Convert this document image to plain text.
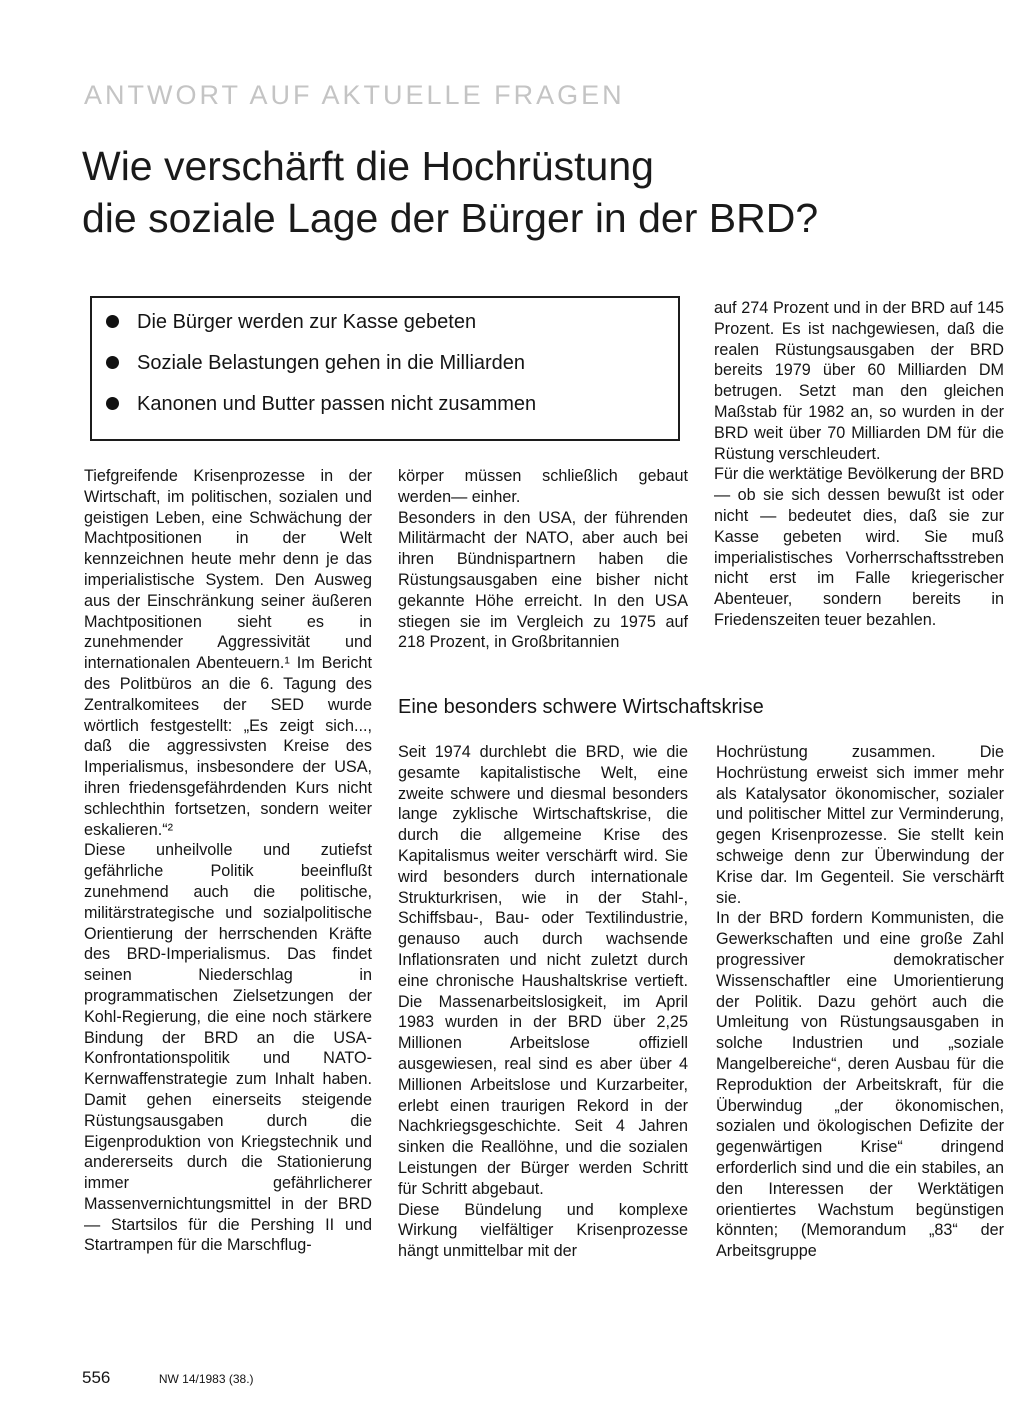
ANTWORT AUF AKTUELLE FRAGEN
Wie verschärft die Hochrüstung
die soziale Lage der Bürger in der BRD?
Die Bürger werden zur Kasse gebeten
Soziale Belastungen gehen in die Milliarden
Kanonen und Butter passen nicht zusammen

auf 274 Prozent und in der BRD auf 145 Prozent. Es ist nachgewiesen, daß die realen Rüstungsausgaben der BRD bereits 1979 über 60 Milliarden DM betrugen. Setzt man den gleichen Maßstab für 1982 an, so wurden in der BRD weit über 70 Milliarden DM für die Rüstung verschleudert.

Für die werktätige Bevölkerung der BRD — ob sie sich dessen bewußt ist oder nicht — bedeutet dies, daß sie zur Kasse gebeten wird. Sie muß imperialistisches Vorherrschaftsstreben nicht erst im Falle kriegerischer Abenteuer, sondern bereits in Friedenszeiten teuer bezahlen.

Tiefgreifende Krisenprozesse in der Wirtschaft, im politischen, sozialen und geistigen Leben, eine Schwächung der Machtpositionen in der Welt kennzeichnen heute mehr denn je das imperialistische System. Den Ausweg aus der Einschränkung seiner äußeren Machtpositionen sieht es in zunehmender Aggressivität und internationalen Abenteuern.¹ Im Bericht des Politbüros an die 6. Tagung des Zentralkomitees der SED wurde wörtlich festgestellt: „Es zeigt sich..., daß die aggressivsten Kreise des Imperialismus, insbesondere der USA, ihren friedensgefährdenden Kurs nicht schlechthin fortsetzen, sondern weiter eskalieren.“²

Diese unheilvolle und zutiefst gefährliche Politik beeinflußt zunehmend auch die politische, militärstrategische und sozialpolitische Orientierung der herrschenden Kräfte des BRD-Imperialismus. Das findet seinen Niederschlag in programmatischen Zielsetzungen der Kohl-Regierung, die eine noch stärkere Bindung der BRD an die USA-Konfrontationspolitik und NATO-Kernwaffenstrategie zum Inhalt haben. Damit gehen einerseits steigende Rüstungsausgaben durch die Eigenproduktion von Kriegstechnik und andererseits durch die Stationierung immer gefährlicherer Massenvernichtungsmittel in der BRD — Startsilos für die Pershing II und Startrampen für die Marschflug-

körper müssen schließlich gebaut werden— einher.

Besonders in den USA, der führenden Militärmacht der NATO, aber auch bei ihren Bündnispartnern haben die Rüstungsausgaben eine bisher nicht gekannte Höhe erreicht. In den USA stiegen sie im Vergleich zu 1975 auf 218 Prozent, in Großbritannien

Eine besonders schwere Wirtschaftskrise

Seit 1974 durchlebt die BRD, wie die gesamte kapitalistische Welt, eine zweite schwere und diesmal besonders lange zyklische Wirtschaftskrise, die durch die allgemeine Krise des Kapitalismus weiter verschärft wird. Sie wird besonders durch internationale Strukturkrisen, wie in der Stahl-, Schiffsbau-, Bau- oder Textilindustrie, genauso auch durch wachsende Inflationsraten und nicht zuletzt durch eine chronische Haushaltskrise vertieft. Die Massenarbeitslosigkeit, im April 1983 wurden in der BRD über 2,25 Millionen Arbeitslose offiziell ausgewiesen, real sind es aber über 4 Millionen Arbeitslose und Kurzarbeiter, erlebt einen traurigen Rekord in der Nachkriegsgeschichte. Seit 4 Jahren sinken die Reallöhne, und die sozialen Leistungen der Bürger werden Schritt für Schritt abgebaut.

Diese Bündelung und komplexe Wirkung vielfältiger Krisenprozesse hängt unmittelbar mit der

Hochrüstung zusammen. Die Hochrüstung erweist sich immer mehr als Katalysator ökonomischer, sozialer und politischer Mittel zur Verminderung, gegen Krisenprozesse. Sie stellt kein schweige denn zur Überwindung der Krise dar. Im Gegenteil. Sie verschärft sie.

In der BRD fordern Kommunisten, die Gewerkschaften und eine große Zahl progressiver demokratischer Wissenschaftler eine Umorientierung der Politik. Dazu gehört auch die Umleitung von Rüstungsausgaben in solche Industrien und „soziale Mangelbereiche“, deren Ausbau für die Reproduktion der Arbeitskraft, für die Überwindug „der ökonomischen, sozialen und ökologischen Defizite der gegenwärtigen Krise“ dringend erforderlich sind und die ein stabiles, an den Interessen der Werktätigen orientiertes Wachstum begünstigen könnten; (Memorandum „83“ der Arbeitsgruppe

556	NW 14/1983 (38.)
